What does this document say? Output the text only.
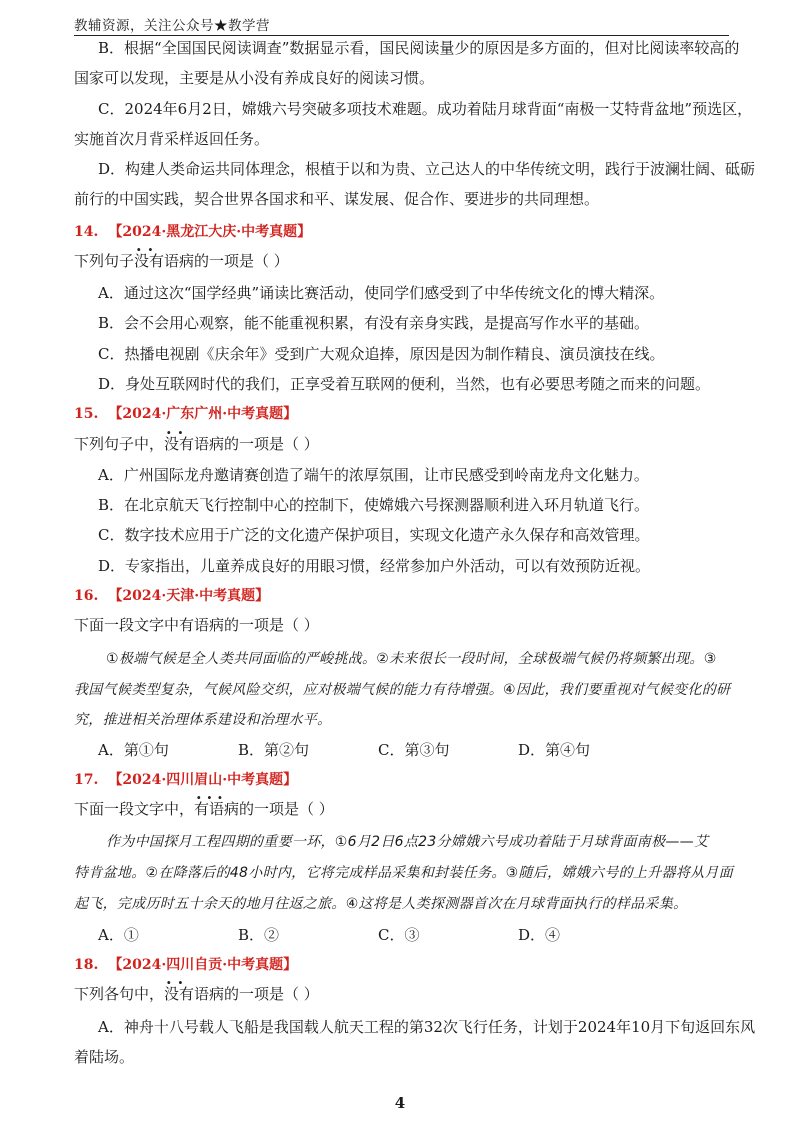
教辅资源，关注公众号★教学营
B．根据“全国国民阅读调查”数据显示看，国民阅读量少的原因是多方面的，但对比阅读率较高的
国家可以发现，主要是从小没有养成良好的阅读习惯。
C．2024年6月2日，嫦娥六号突破多项技术难题。成功着陆月球背面“南极一艾特背盆地”预选区，
实施首次月背采样返回任务。
D．构建人类命运共同体理念，根植于以和为贵、立己达人的中华传统文明，践行于波澜壮阔、砥砺
前行的中国实践，契合世界各国求和平、谋发展、促合作、要进步的共同理想。
14. 【2024·黑龙江大庆·中考真题】
下列句子·· 没有语病的一项是（ ）
A．通过这次“国学经典”诵读比赛活动，使同学们感受到了中华传统文化的博大精深。
B．会不会用心观察，能不能重视积累，有没有亲身实践，是提高写作水平的基础。
C．热播电视剧《庆余年》受到广大观众追捧，原因是因为制作精良、演员演技在线。
D．身处互联网时代的我们，正享受着互联网的便利，当然，也有必要思考随之而来的问题。
15. 【2024·广东广州·中考真题】
下列句子中，·· 没有语病的一项是（ ）
A．广州国际龙舟邀请赛创造了端午的浓厚氛围，让市民感受到岭南龙舟文化魅力。
B．在北京航天飞行控制中心的控制下，使嫦娥六号探测器顺利进入环月轨道飞行。
C．数字技术应用于广泛的文化遗产保护项目，实现文化遗产永久保存和高效管理。
D．专家指出，儿童养成良好的用眼习惯，经常参加户外活动，可以有效预防近视。
16. 【2024·天津·中考真题】
下面一段文字中有语病的一项是（ ）
①极端气候是全人类共同面临的严峻挑战。②未来很长一段时间，全球极端气候仍将频繁出现。③
我国气候类型复杂，气候风险交织，应对极端气候的能力有待增强。④因此，我们要重视对气候变化的研
究，推进相关治理体系建设和治理水平。
A．第①句	B．第②句	C．第③句	D．第④句
17. 【2024·四川眉山·中考真题】
下面一段文字中，··· 有语病的一项是（ ）
作为中国探月工程四期的重要一环，①6月2日6点23分嫦娥六号成功着陆于月球背面南极——艾
特肯盆地。②在降落后的48小时内，它将完成样品采集和封装任务。③随后，嫦娥六号的上升器将从月面
起飞，完成历时五十余天的地月往返之旅。④这将是人类探测器首次在月球背面执行的样品采集。
A．①	B．②	C．③	D．④
18. 【2024·四川自贡·中考真题】
下列各句中，·· 没有语病的一项是（ ）
A．神舟十八号载人飞船是我国载人航天工程的第32次飞行任务，计划于2024年10月下旬返回东风
着陆场。
4
